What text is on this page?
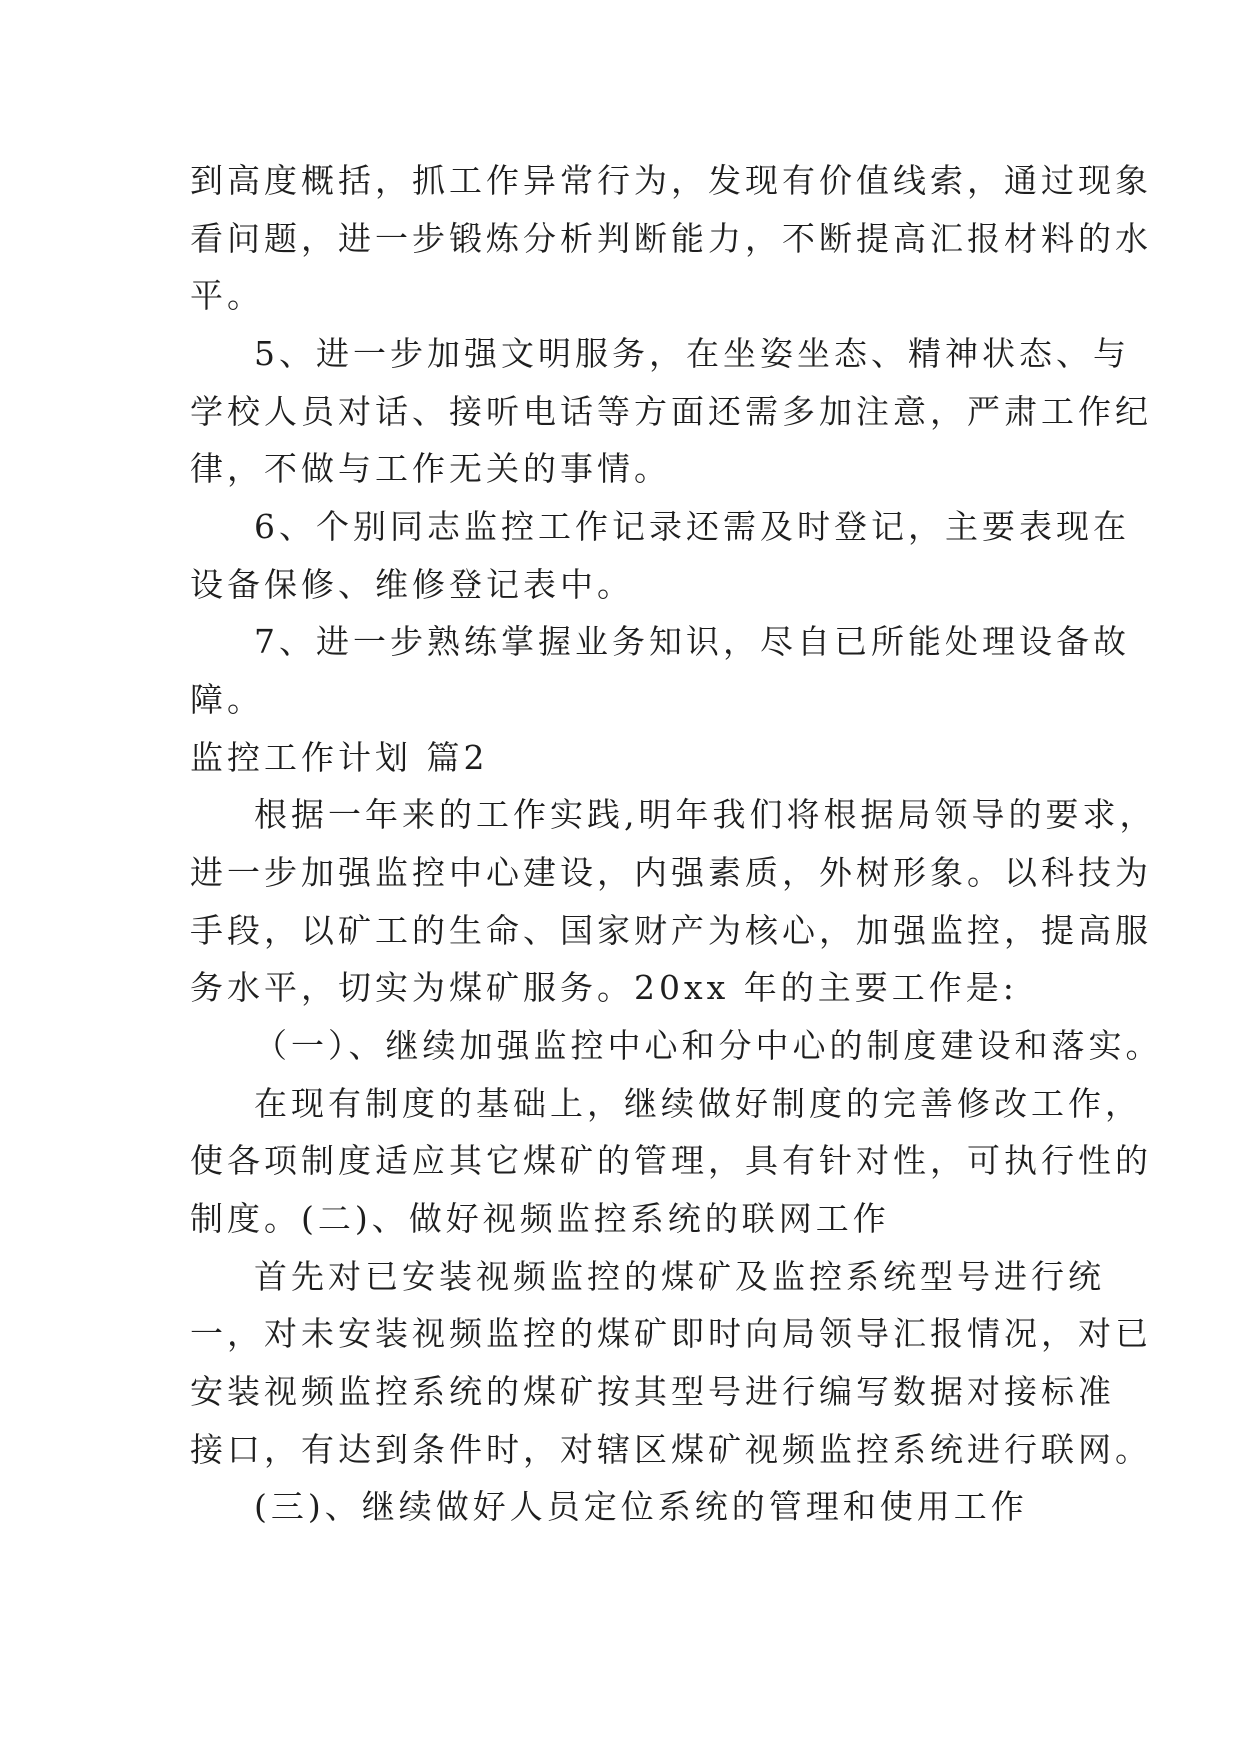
到高度概括，抓工作异常行为，发现有价值线索，通过现象
看问题，进一步锻炼分析判断能力，不断提高汇报材料的水
平。
5、进一步加强文明服务，在坐姿坐态、精神状态、与
学校人员对话、接听电话等方面还需多加注意，严肃工作纪
律，不做与工作无关的事情。
6、个别同志监控工作记录还需及时登记，主要表现在
设备保修、维修登记表中。
7、进一步熟练掌握业务知识，尽自已所能处理设备故
障。
监控工作计划 篇2
根据一年来的工作实践,明年我们将根据局领导的要求，
进一步加强监控中心建设，内强素质，外树形象。以科技为
手段，以矿工的生命、国家财产为核心，加强监控，提高服
务水平，切实为煤矿服务。20xx 年的主要工作是:
（一）、继续加强监控中心和分中心的制度建设和落实。
在现有制度的基础上，继续做好制度的完善修改工作，
使各项制度适应其它煤矿的管理，具有针对性，可执行性的
制度。(二)、做好视频监控系统的联网工作
首先对已安装视频监控的煤矿及监控系统型号进行统
一，对未安装视频监控的煤矿即时向局领导汇报情况，对已
安装视频监控系统的煤矿按其型号进行编写数据对接标准
接口，有达到条件时，对辖区煤矿视频监控系统进行联网。
(三)、继续做好人员定位系统的管理和使用工作
